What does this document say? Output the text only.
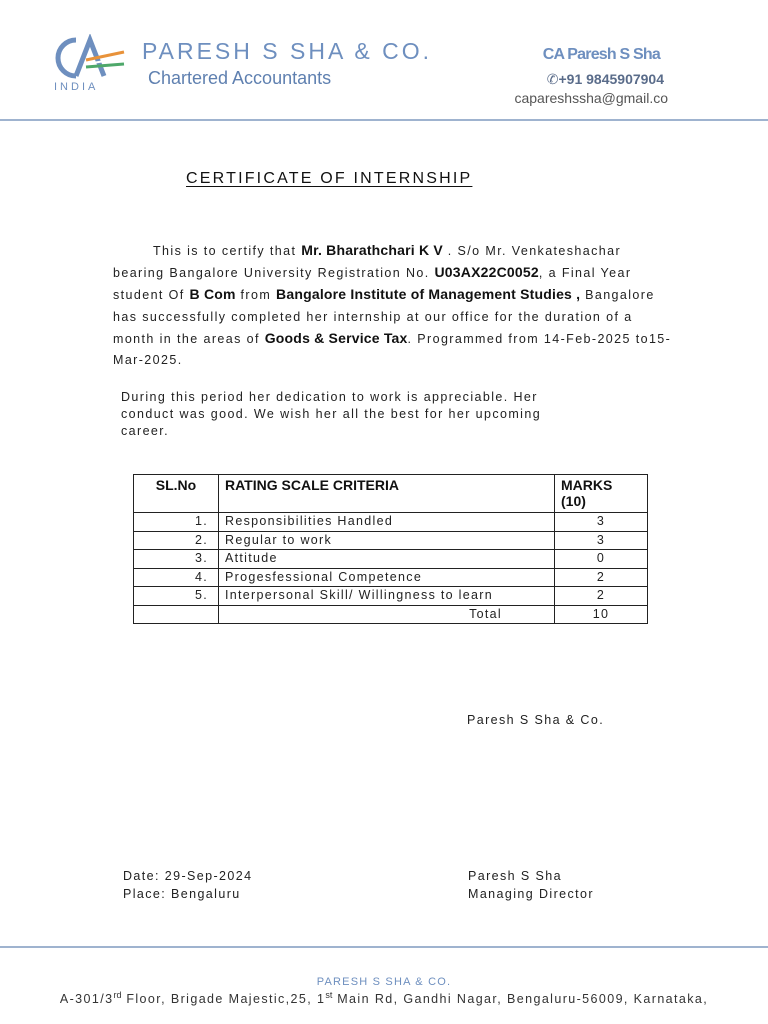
INDIA
PARESH S SHA & CO.
Chartered Accountants
CA Paresh S Sha
✆+91 9845907904
capareshssha@gmail.co
CERTIFICATE OF INTERNSHIP
This is to certify that Mr. Bharathchari K V . S/o Mr. Venkateshachar bearing Bangalore University Registration No. U03AX22C0052, a Final Year student Of B Com from Bangalore Institute of Management Studies , Bangalore has successfully completed her internship at our office for the duration of a month in the areas of Goods & Service Tax. Programmed from 14-Feb-2025 to15- Mar-2025.
During this period her dedication to work is appreciable. Her conduct was good. We wish her all the best for her upcoming career.
SL.No	RATING SCALE CRITERIA	MARKS (10)
1.	Responsibilities Handled	3
2.	Regular to work	3
3.	Attitude	0
4.	Progesfessional Competence	2
5.	Interpersonal Skill/ Willingness to learn	2
	Total	10
Paresh S Sha & Co.
Date: 29-Sep-2024
Place: Bengaluru
Paresh S Sha
Managing Director
PARESH S SHA & CO.
A-301/3rd Floor, Brigade Majestic,25, 1st Main Rd, Gandhi Nagar, Bengaluru-56009, Karnataka,
